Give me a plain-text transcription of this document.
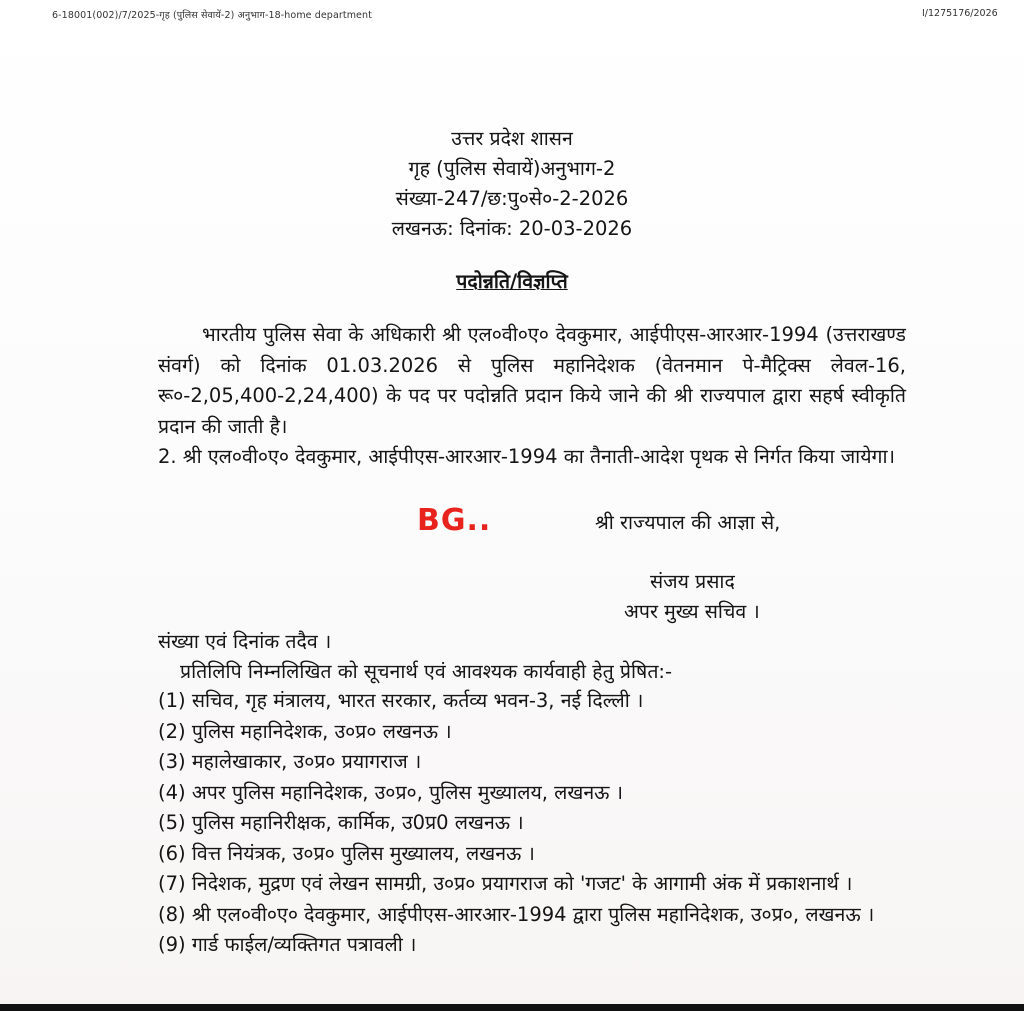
6-18001(002)/7/2025-गृह (पुलिस सेवायें-2) अनुभाग-18-home department	I/1275176/2026
उत्तर प्रदेश शासन
गृह (पुलिस सेवायें)अनुभाग-2
संख्या-247/छ:पु०से०-2-2026
लखनऊ: दिनांक: 20-03-2026
पदोन्नति/विज्ञप्ति

भारतीय पुलिस सेवा के अधिकारी श्री एल०वी०ए० देवकुमार, आईपीएस-आरआर-1994 (उत्तराखण्ड संवर्ग) को दिनांक 01.03.2026 से पुलिस महानिदेशक (वेतनमान पे-मैट्रिक्स लेवल-16, रू०-2,05,400-2,24,400) के पद पर पदोन्नति प्रदान किये जाने की श्री राज्यपाल द्वारा सहर्ष स्वीकृति प्रदान की जाती है।

2. श्री एल०वी०ए० देवकुमार, आईपीएस-आरआर-1994 का तैनाती-आदेश पृथक से निर्गत किया जायेगा।

BG..	श्री राज्यपाल की आज्ञा से,
संजय प्रसाद
अपर मुख्य सचिव ।
संख्या एवं दिनांक तदैव ।
प्रतिलिपि निम्नलिखित को सूचनार्थ एवं आवश्यक कार्यवाही हेतु प्रेषित:-
(1) सचिव, गृह मंत्रालय, भारत सरकार, कर्तव्य भवन-3, नई दिल्ली ।
(2) पुलिस महानिदेशक, उ०प्र० लखनऊ ।
(3) महालेखाकार, उ०प्र० प्रयागराज ।
(4) अपर पुलिस महानिदेशक, उ०प्र०, पुलिस मुख्यालय, लखनऊ ।
(5) पुलिस महानिरीक्षक, कार्मिक, उ0प्र0 लखनऊ ।
(6) वित्त नियंत्रक, उ०प्र० पुलिस मुख्यालय, लखनऊ ।
(7) निदेशक, मुद्रण एवं लेखन सामग्री, उ०प्र० प्रयागराज को 'गजट' के आगामी अंक में प्रकाशनार्थ ।
(8) श्री एल०वी०ए० देवकुमार, आईपीएस-आरआर-1994 द्वारा पुलिस महानिदेशक, उ०प्र०, लखनऊ ।
(9) गार्ड फाईल/व्यक्तिगत पत्रावली ।
